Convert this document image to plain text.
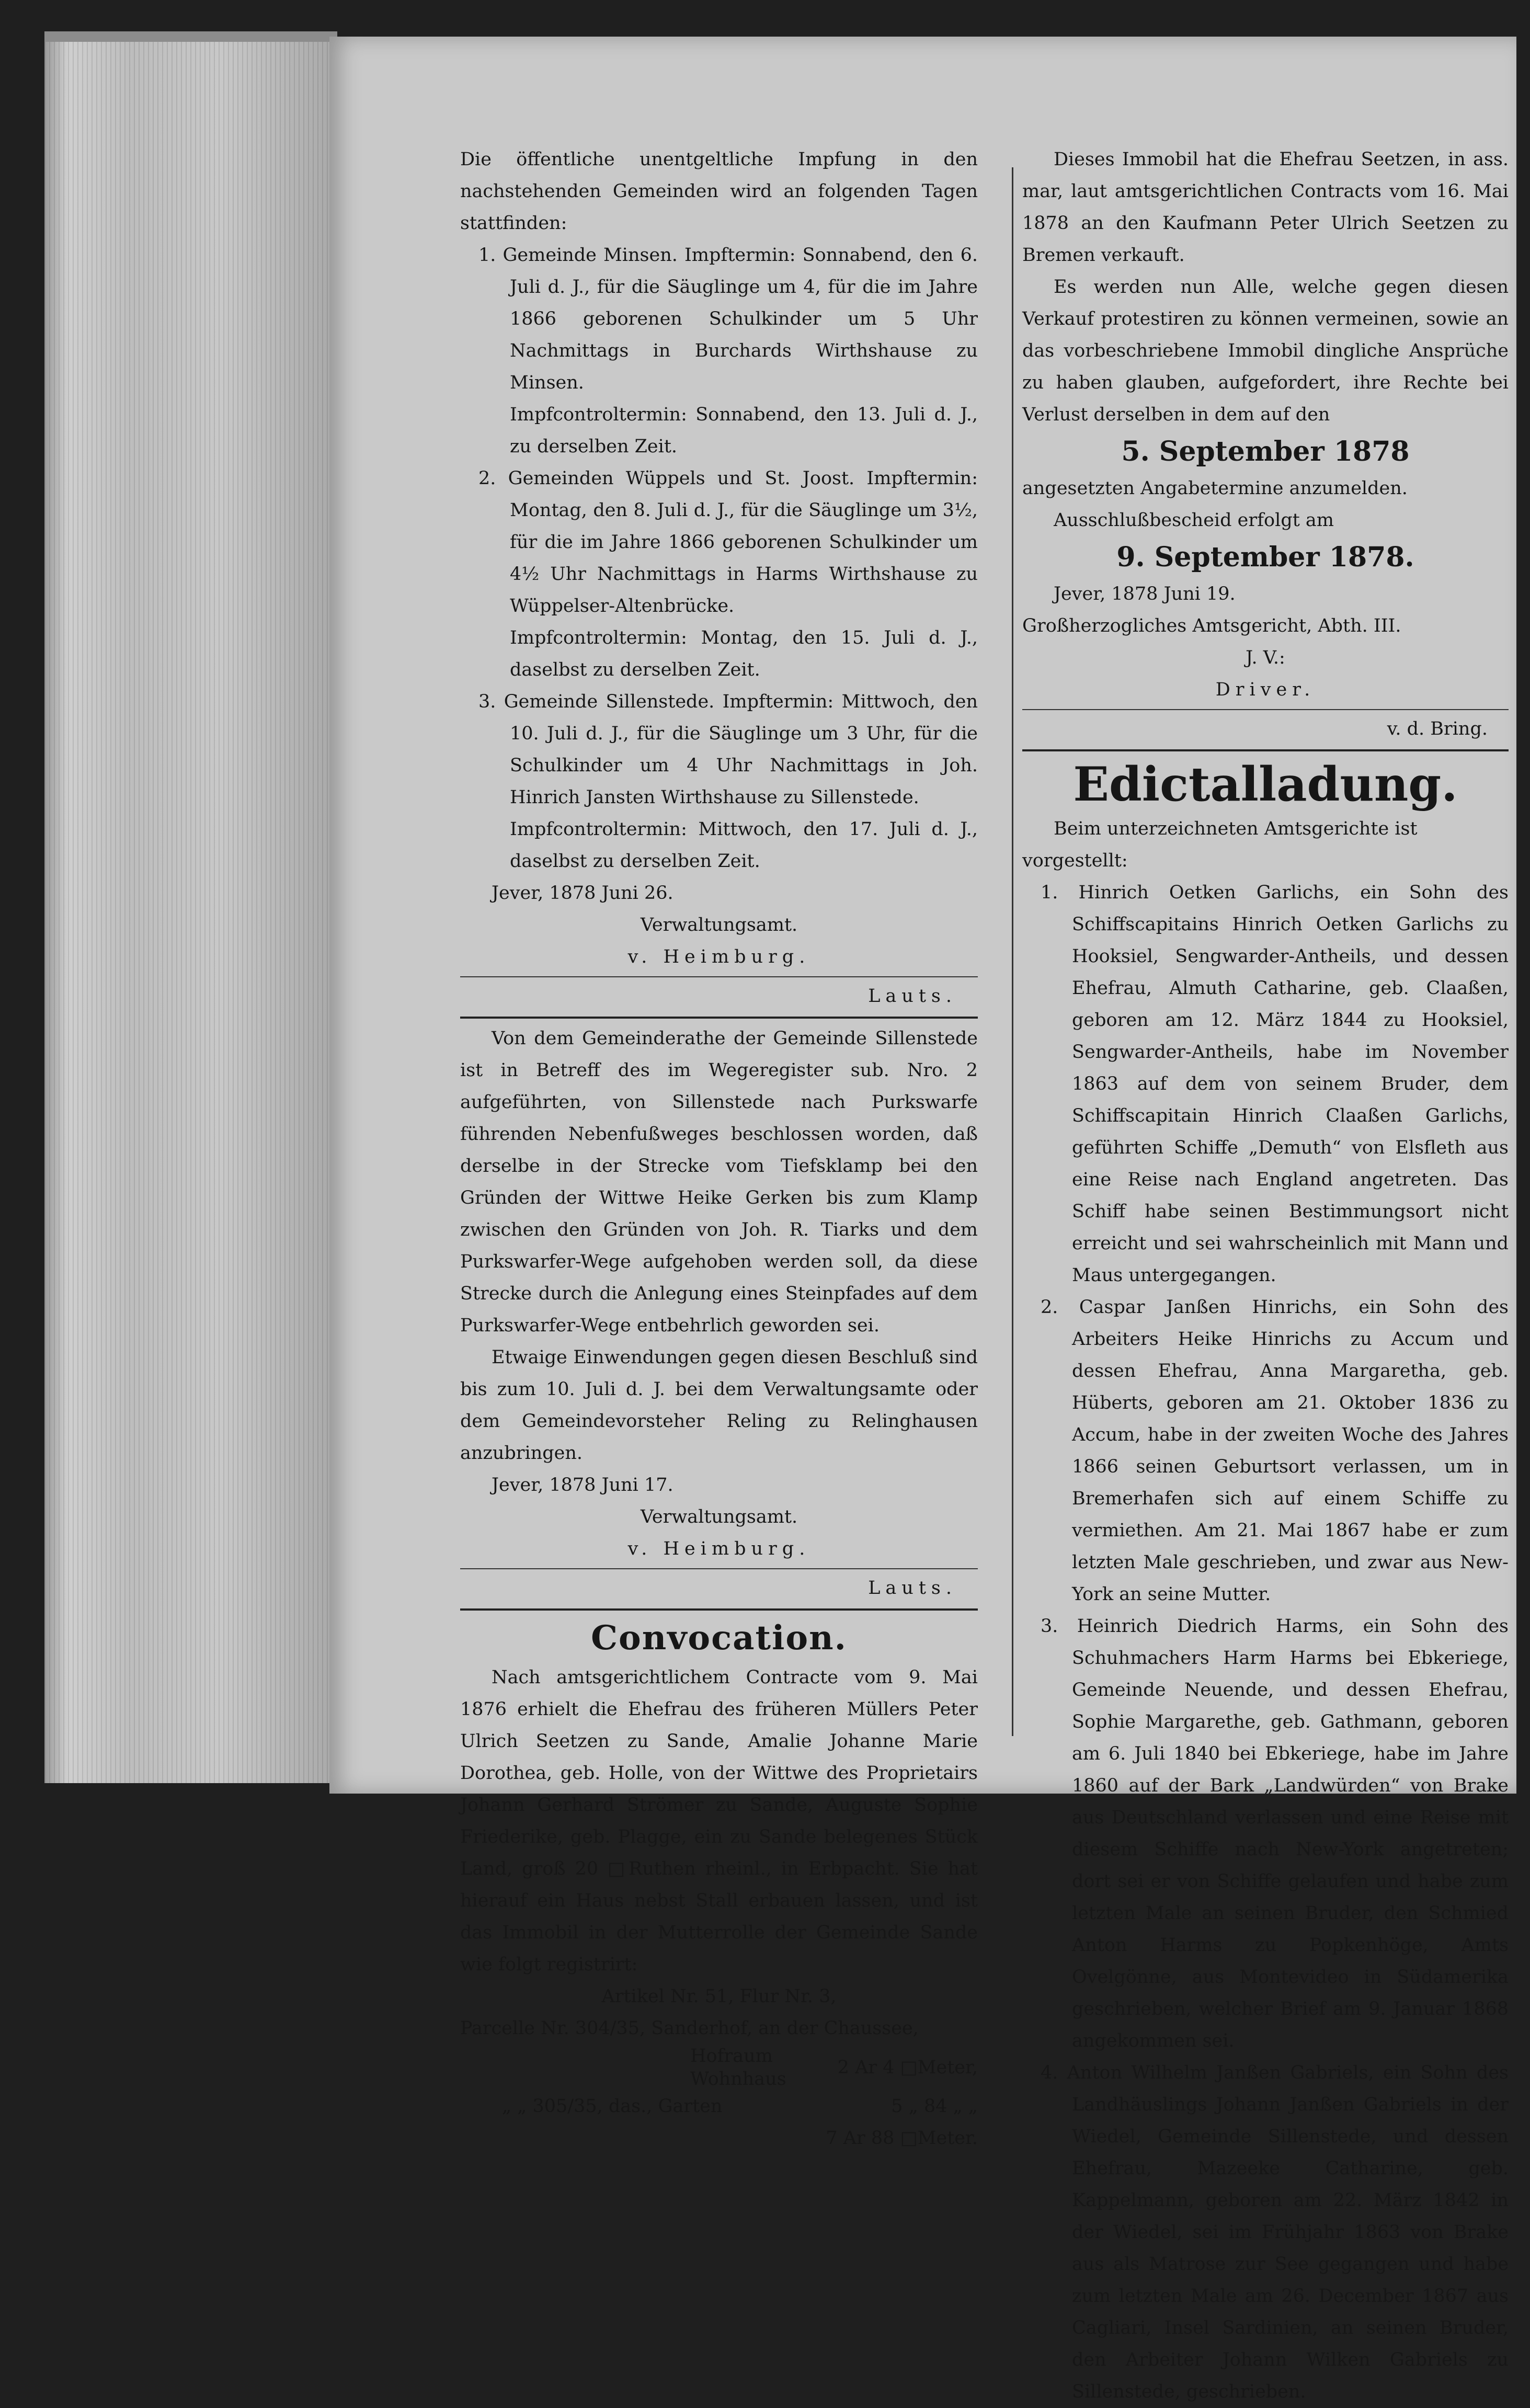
Die öffentliche unentgeltliche Impfung in den nachstehenden Gemeinden wird an folgenden Tagen stattfinden:

1. Gemeinde Minsen. Impftermin: Sonnabend, den 6. Juli d. J., für die Säuglinge um 4, für die im Jahre 1866 geborenen Schulkinder um 5 Uhr Nachmittags in Burchards Wirthshause zu Minsen.

Impfcontroltermin: Sonnabend, den 13. Juli d. J., zu derselben Zeit.

2. Gemeinden Wüppels und St. Joost. Impftermin: Montag, den 8. Juli d. J., für die Säuglinge um 3½, für die im Jahre 1866 geborenen Schulkinder um 4½ Uhr Nachmittags in Harms Wirthshause zu Wüppelser-Altenbrücke.

Impfcontroltermin: Montag, den 15. Juli d. J., daselbst zu derselben Zeit.

3. Gemeinde Sillenstede. Impftermin: Mittwoch, den 10. Juli d. J., für die Säuglinge um 3 Uhr, für die Schulkinder um 4 Uhr Nachmittags in Joh. Hinrich Jansten Wirthshause zu Sillenstede.

Impfcontroltermin: Mittwoch, den 17. Juli d. J., daselbst zu derselben Zeit.

Jever, 1878 Juni 26.

Verwaltungsamt.

v. Heimburg.

Lauts.

Von dem Gemeinderathe der Gemeinde Sillenstede ist in Betreff des im Wegeregister sub. Nro. 2 aufgeführten, von Sillenstede nach Purkswarfe führenden Nebenfußweges beschlossen worden, daß derselbe in der Strecke vom Tiefsklamp bei den Gründen der Wittwe Heike Gerken bis zum Klamp zwischen den Gründen von Joh. R. Tiarks und dem Purkswarfer-Wege aufgehoben werden soll, da diese Strecke durch die Anlegung eines Steinpfades auf dem Purkswarfer-Wege entbehrlich geworden sei.

Etwaige Einwendungen gegen diesen Beschluß sind bis zum 10. Juli d. J. bei dem Verwaltungsamte oder dem Gemeindevorsteher Reling zu Relinghausen anzubringen.

Jever, 1878 Juni 17.

Verwaltungsamt.

v. Heimburg.

Lauts.

Convocation.

Nach amtsgerichtlichem Contracte vom 9. Mai 1876 erhielt die Ehefrau des früheren Müllers Peter Ulrich Seetzen zu Sande, Amalie Johanne Marie Dorothea, geb. Holle, von der Wittwe des Proprietairs Johann Gerhard Strömer zu Sande, Auguste Sophie Friederike, geb. Plagge, ein zu Sande belegenes Stück Land, groß 20 □Ruthen rheinl., in Erbpacht. Sie hat hierauf ein Haus nebst Stall erbauen lassen, und ist das Immobil in der Mutterrolle der Gemeinde Sande wie folgt registrirt:

Artikel Nr. 51, Flur Nr. 3,

Parcelle Nr. 304/35, Sanderhof, an der Chaussee,

Hofraum

Wohnhaus

2 Ar 4 □Meter,

„ „ 305/35, das., Garten	5 „ 84 „ „

7 Ar 88 □Meter.

Dieses Immobil hat die Ehefrau Seetzen, in ass. mar, laut amtsgerichtlichen Contracts vom 16. Mai 1878 an den Kaufmann Peter Ulrich Seetzen zu Bremen verkauft.

Es werden nun Alle, welche gegen diesen Verkauf protestiren zu können vermeinen, sowie an das vorbeschriebene Immobil dingliche Ansprüche zu haben glauben, aufgefordert, ihre Rechte bei Verlust derselben in dem auf den

5. September 1878

angesetzten Angabetermine anzumelden.

Ausschlußbescheid erfolgt am

9. September 1878.

Jever, 1878 Juni 19.

Großherzogliches Amtsgericht, Abth. III.

J. V.:

Driver.

v. d. Bring.

Edictalladung.

Beim unterzeichneten Amtsgerichte ist vorgestellt:

1. Hinrich Oetken Garlichs, ein Sohn des Schiffscapitains Hinrich Oetken Garlichs zu Hooksiel, Sengwarder-Antheils, und dessen Ehefrau, Almuth Catharine, geb. Claaßen, geboren am 12. März 1844 zu Hooksiel, Sengwarder-Antheils, habe im November 1863 auf dem von seinem Bruder, dem Schiffscapitain Hinrich Claaßen Garlichs, geführten Schiffe „Demuth“ von Elsfleth aus eine Reise nach England angetreten. Das Schiff habe seinen Bestimmungsort nicht erreicht und sei wahrscheinlich mit Mann und Maus untergegangen.

2. Caspar Janßen Hinrichs, ein Sohn des Arbeiters Heike Hinrichs zu Accum und dessen Ehefrau, Anna Margaretha, geb. Hüberts, geboren am 21. Oktober 1836 zu Accum, habe in der zweiten Woche des Jahres 1866 seinen Geburtsort verlassen, um in Bremerhafen sich auf einem Schiffe zu vermiethen. Am 21. Mai 1867 habe er zum letzten Male geschrieben, und zwar aus New-York an seine Mutter.

3. Heinrich Diedrich Harms, ein Sohn des Schuhmachers Harm Harms bei Ebkeriege, Gemeinde Neuende, und dessen Ehefrau, Sophie Margarethe, geb. Gathmann, geboren am 6. Juli 1840 bei Ebkeriege, habe im Jahre 1860 auf der Bark „Landwürden“ von Brake aus Deutschland verlassen und eine Reise mit diesem Schiffe nach New-York angetreten; dort sei er von Schiffe gelaufen und habe zum letzten Male an seinen Bruder, den Schmied Anton Harms zu Popkenhöge, Amts Ovelgönne, aus Montevideo in Südamerika geschrieben, welcher Brief am 9. Januar 1868 angekommen sei.

4. Anton Wilhelm Janßen Gabriels, ein Sohn des Landhäuslings Johann Janßen Gabriels in der Wiedel, Gemeinde Sillenstede, und dessen Ehefrau, Mazeeke Catharine, geb. Kappelmann, geboren am 22. März 1842 in der Wiedel, sei im Frühjahr 1863 von Brake aus als Matrose zur See gegangen und habe zum letzten Male am 26. December 1867 aus Cagliari, Insel Sardinien, an seinen Bruder, den Arbeiter Johann Wilken Gabriels zu Sillenstede, geschrieben.
